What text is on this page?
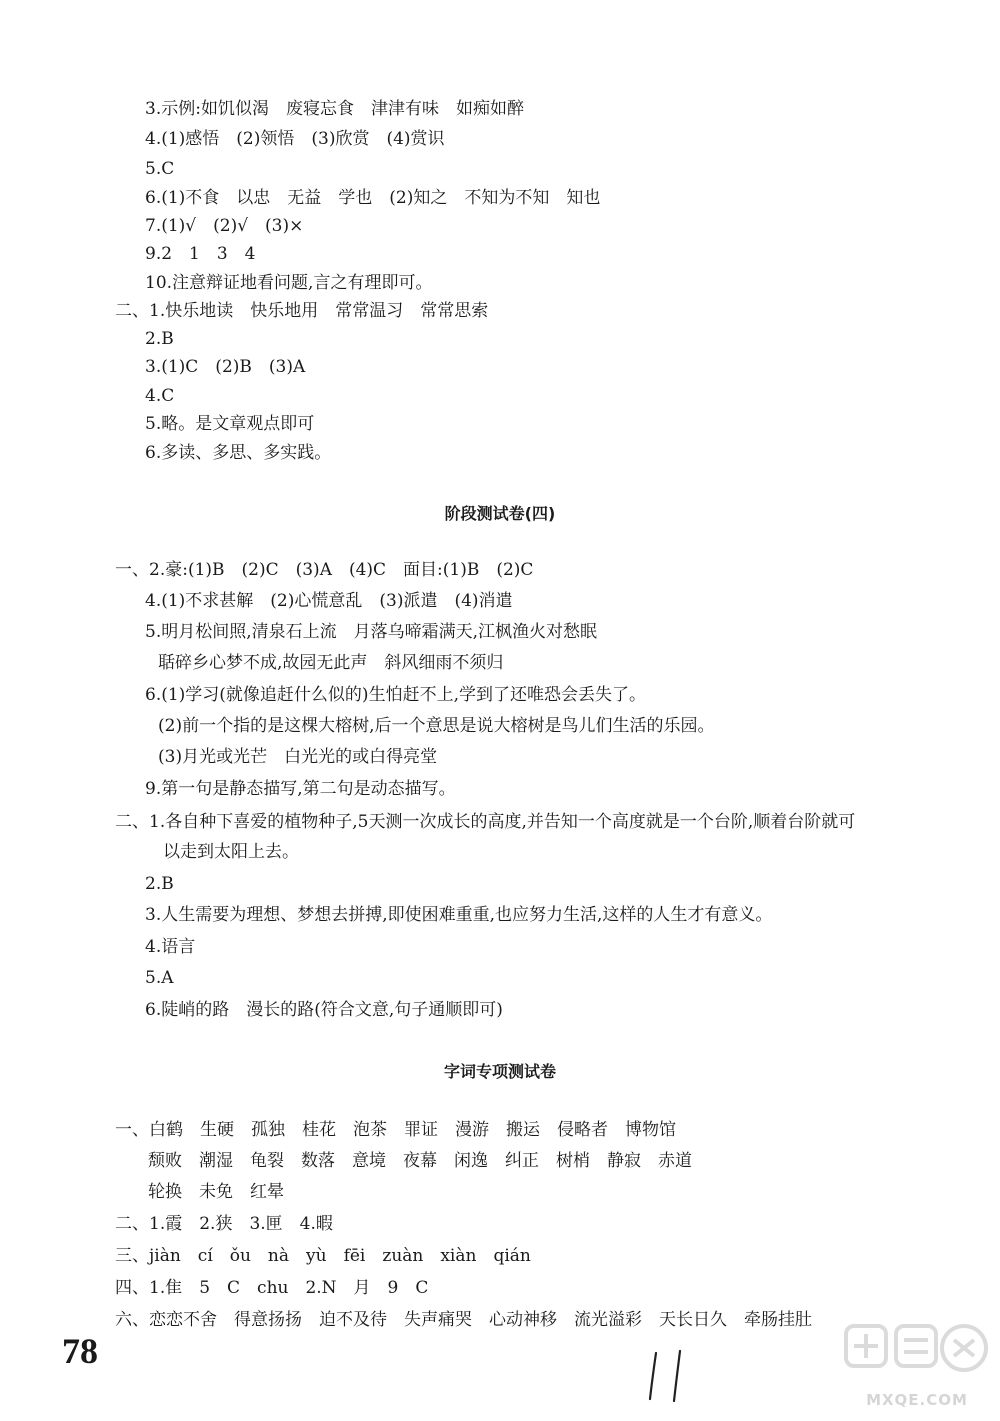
3.示例:如饥似渴　废寝忘食　津津有味　如痴如醉
4.(1)感悟　(2)领悟　(3)欣赏　(4)赏识
5.C
6.(1)不食　以忠　无益　学也　(2)知之　不知为不知　知也
7.(1)√　(2)√　(3)×
9.2　1　3　4
10.注意辩证地看问题,言之有理即可。
二、1.快乐地读　快乐地用　常常温习　常常思索
2.B
3.(1)C　(2)B　(3)A
4.C
5.略。是文章观点即可
6.多读、多思、多实践。
阶段测试卷(四)
一、2.豪:(1)B　(2)C　(3)A　(4)C　面目:(1)B　(2)C
4.(1)不求甚解　(2)心慌意乱　(3)派遣　(4)消遣
5.明月松间照,清泉石上流　月落乌啼霜满天,江枫渔火对愁眠
聒碎乡心梦不成,故园无此声　斜风细雨不须归
6.(1)学习(就像追赶什么似的)生怕赶不上,学到了还唯恐会丢失了。
(2)前一个指的是这棵大榕树,后一个意思是说大榕树是鸟儿们生活的乐园。
(3)月光或光芒　白光光的或白得亮堂
9.第一句是静态描写,第二句是动态描写。
二、1.各自种下喜爱的植物种子,5天测一次成长的高度,并告知一个高度就是一个台阶,顺着台阶就可
以走到太阳上去。
2.B
3.人生需要为理想、梦想去拼搏,即使困难重重,也应努力生活,这样的人生才有意义。
4.语言
5.A
6.陡峭的路　漫长的路(符合文意,句子通顺即可)
字词专项测试卷
一、白鹤　生硬　孤独　桂花　泡茶　罪证　漫游　搬运　侵略者　博物馆
颓败　潮湿　龟裂　数落　意境　夜幕　闲逸　纠正　树梢　静寂　赤道
轮换　未免　红晕
二、1.霞　2.狭　3.匣　4.暇
三、jiàn　cí　ǒu　nà　yù　fēi　zuàn　xiàn　qián
四、1.隹　5　C　chu　2.N　月　9　C
六、恋恋不舍　得意扬扬　迫不及待　失声痛哭　心动神移　流光溢彩　天长日久　牵肠挂肚
78
MXQE.COM
